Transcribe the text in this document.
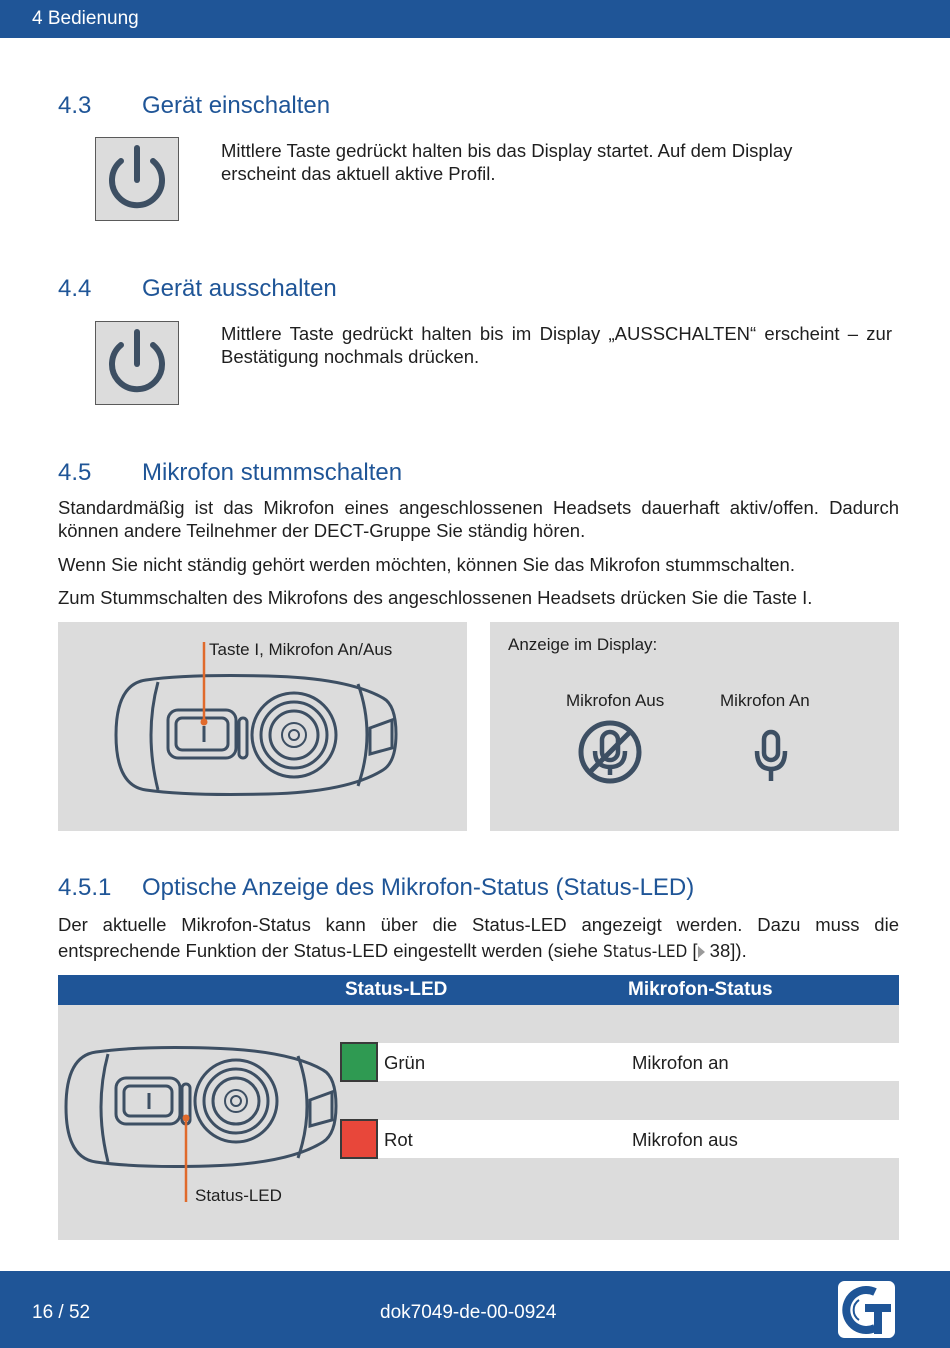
4 Bedienung
4.3 Gerät einschalten
Mittlere Taste gedrückt halten bis das Display startet. Auf dem Display erscheint das aktuell aktive Profil.
4.4 Gerät ausschalten
Mittlere Taste gedrückt halten bis im Display „AUSSCHALTEN“ erscheint – zur Bestätigung nochmals drücken.
4.5 Mikrofon stummschalten
Standardmäßig ist das Mikrofon eines angeschlossenen Headsets dauerhaft aktiv/offen. Dadurch können andere Teilnehmer der DECT-Gruppe Sie ständig hören.
Wenn Sie nicht ständig gehört werden möchten, können Sie das Mikrofon stummschalten.
Zum Stummschalten des Mikrofons des angeschlossenen Headsets drücken Sie die Taste I.
Taste I, Mikrofon An/Aus	Anzeige im Display:
Mikrofon Aus	Mikrofon An
4.5.1 Optische Anzeige des Mikrofon-Status (Status-LED)
Der aktuelle Mikrofon-Status kann über die Status-LED angezeigt werden. Dazu muss die entsprechende Funktion der Status-LED eingestellt werden (siehe Status-LED [ 38]).
Status-LED	Mikrofon-Status
Grün	Mikrofon an
Rot	Mikrofon aus
Status-LED
16 / 52	dok7049-de-00-0924
